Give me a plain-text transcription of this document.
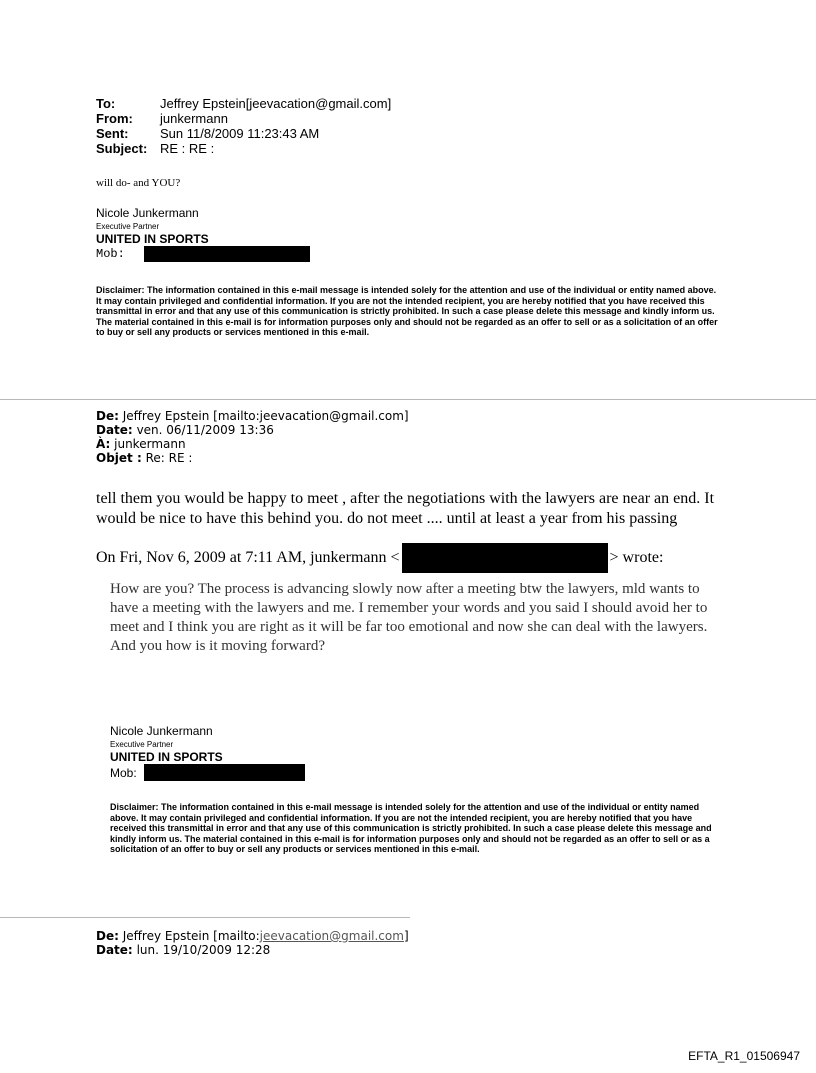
To:	Jeffrey Epstein[jeevacation@gmail.com]
From:	junkermann
Sent:	Sun 11/8/2009 11:23:43 AM
Subject: RE : RE :
will do- and YOU?
Nicole Junkermann
Executive Partner
UNITED IN SPORTS
Mob:
Disclaimer: The information contained in this e-mail message is intended solely for the attention and use of the individual or entity named above. It may contain privileged and confidential information. If you are not the intended recipient, you are hereby notified that you have received this transmittal in error and that any use of this communication is strictly prohibited. In such a case please delete this message and kindly inform us. The material contained in this e-mail is for information purposes only and should not be regarded as an offer to sell or as a solicitation of an offer to buy or sell any products or services mentioned in this e-mail.
De: Jeffrey Epstein [mailto:jeevacation@gmail.com]
Date: ven. 06/11/2009 13:36
À: junkermann
Objet : Re: RE :
tell them you would be happy to meet , after the negotiations with the lawyers are near an end. It would be nice to have this behind you. do not meet .... until at least a year from his passing
On Fri, Nov 6, 2009 at 7:11 AM, junkermann <	> wrote:
How are you? The process is advancing slowly now after a meeting btw the lawyers, mld wants to have a meeting with the lawyers and me. I remember your words and you said I should avoid her to meet and I think you are right as it will be far too emotional and now she can deal with the lawyers.
And you how is it moving forward?
Nicole Junkermann
Executive Partner
UNITED IN SPORTS
Mob:
Disclaimer: The information contained in this e-mail message is intended solely for the attention and use of the individual or entity named above. It may contain privileged and confidential information. If you are not the intended recipient, you are hereby notified that you have received this transmittal in error and that any use of this communication is strictly prohibited. In such a case please delete this message and kindly inform us. The material contained in this e-mail is for information purposes only and should not be regarded as an offer to sell or as a solicitation of an offer to buy or sell any products or services mentioned in this e-mail.
De: Jeffrey Epstein [mailto:jeevacation@gmail.com]
Date: lun. 19/10/2009 12:28
EFTA_R1_01506947
